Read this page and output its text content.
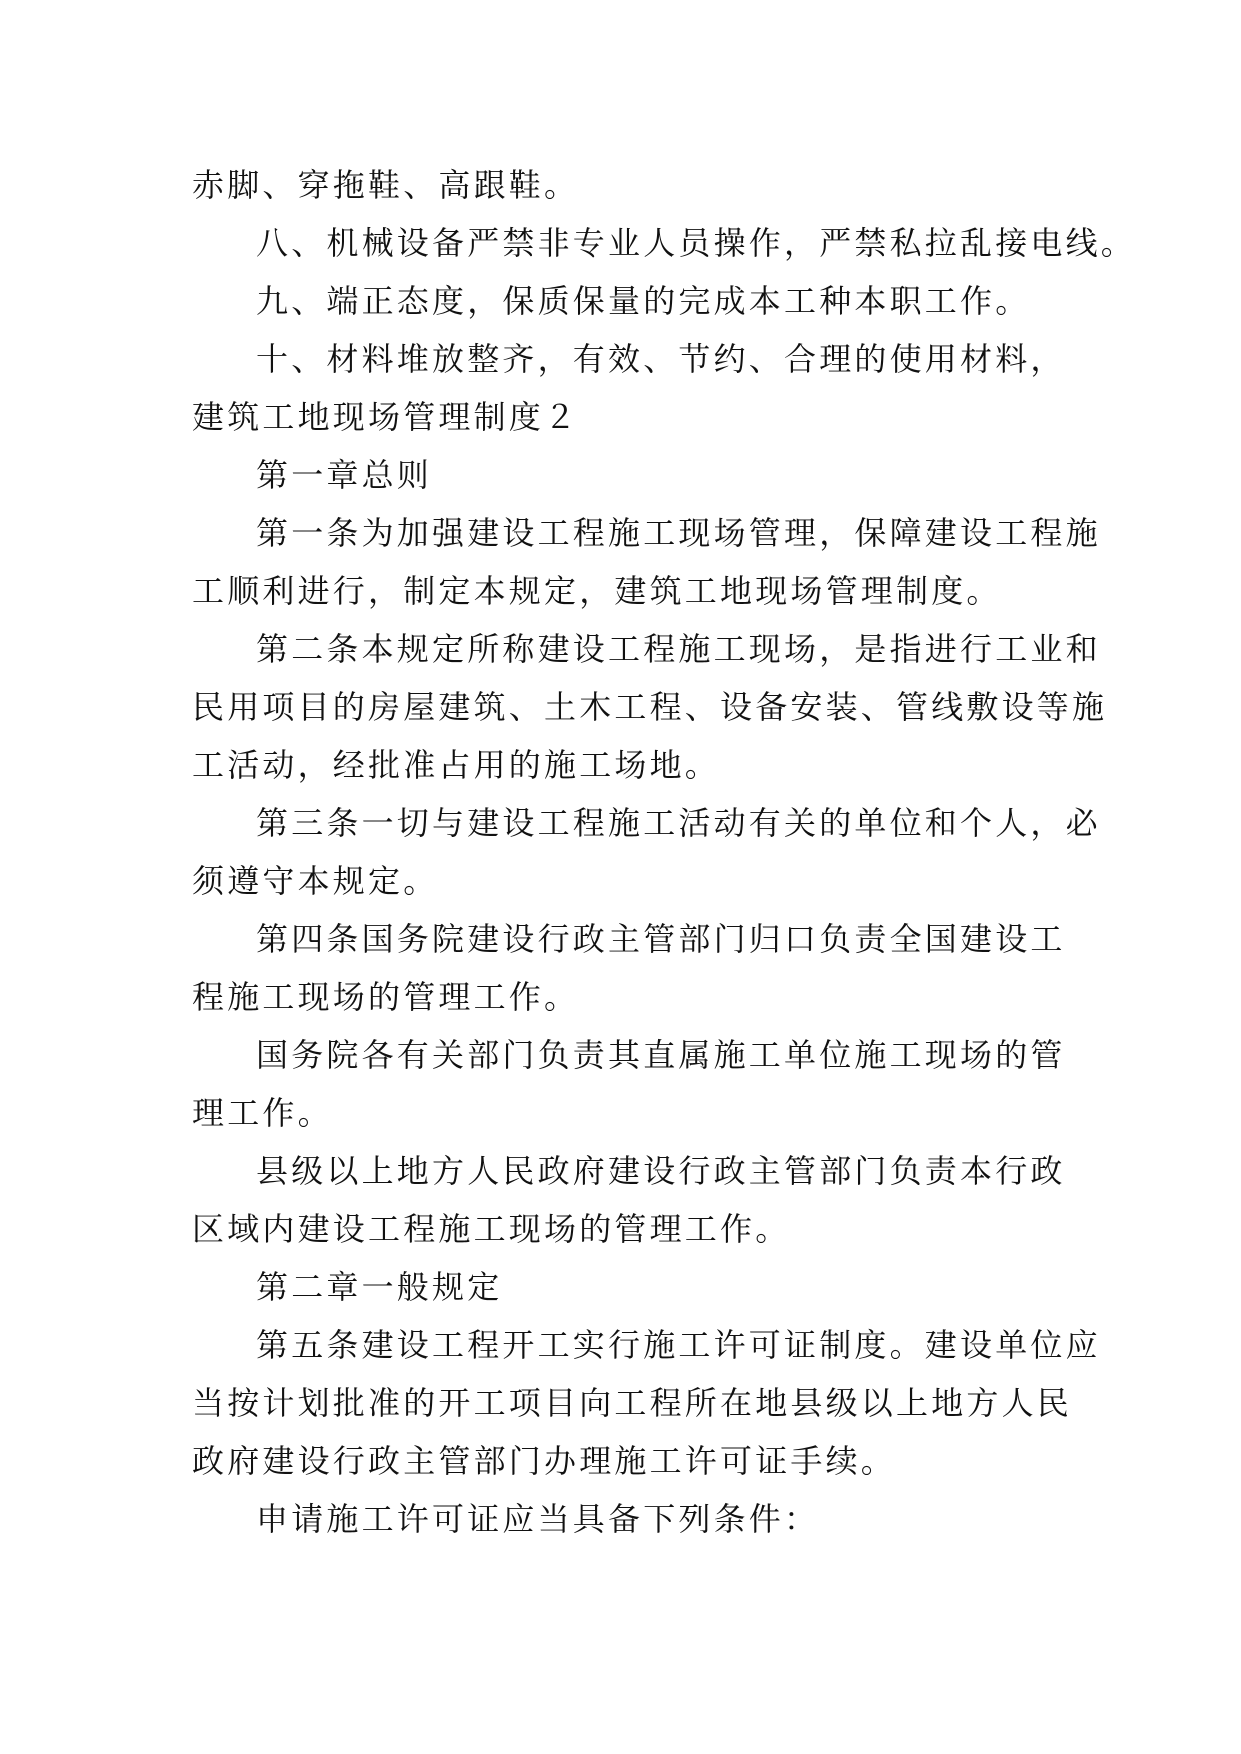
赤脚、穿拖鞋、高跟鞋。
八、机械设备严禁非专业人员操作，严禁私拉乱接电线。
九、端正态度，保质保量的完成本工种本职工作。
十、材料堆放整齐，有效、节约、合理的使用材料，
建筑工地现场管理制度２
第一章总则
第一条为加强建设工程施工现场管理，保障建设工程施
工顺利进行，制定本规定，建筑工地现场管理制度。
第二条本规定所称建设工程施工现场，是指进行工业和
民用项目的房屋建筑、土木工程、设备安装、管线敷设等施
工活动，经批准占用的施工场地。
第三条一切与建设工程施工活动有关的单位和个人，必
须遵守本规定。
第四条国务院建设行政主管部门归口负责全国建设工
程施工现场的管理工作。
国务院各有关部门负责其直属施工单位施工现场的管
理工作。
县级以上地方人民政府建设行政主管部门负责本行政
区域内建设工程施工现场的管理工作。
第二章一般规定
第五条建设工程开工实行施工许可证制度。建设单位应
当按计划批准的开工项目向工程所在地县级以上地方人民
政府建设行政主管部门办理施工许可证手续。
申请施工许可证应当具备下列条件：
